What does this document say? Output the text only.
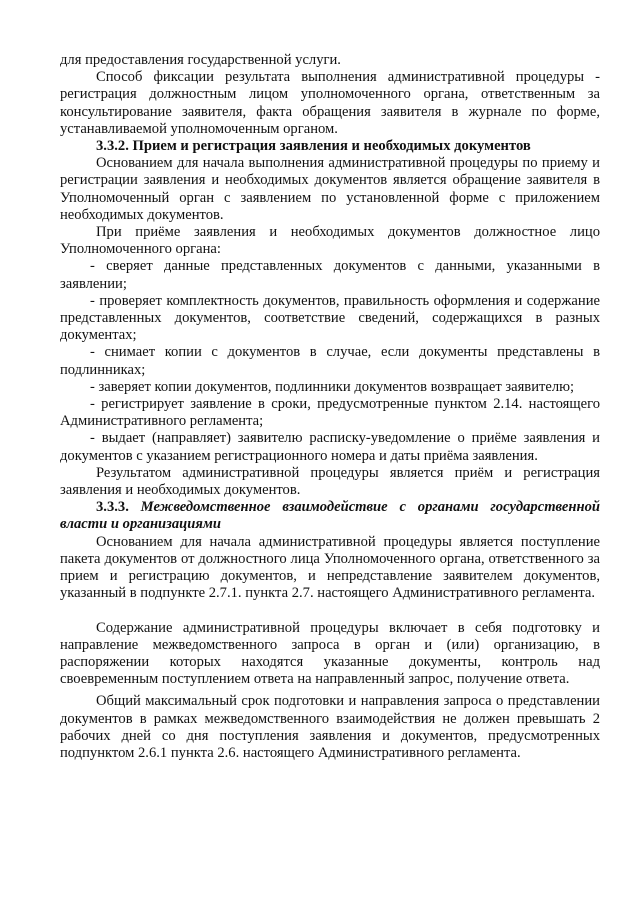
для предоставления государственной услуги.

Способ фиксации результата выполнения административной процедуры - регистрация должностным лицом уполномоченного органа, ответственным за консультирование заявителя, факта обращения заявителя в журнале по форме, устанавливаемой уполномоченным органом.

3.3.2. Прием и регистрация заявления и необходимых документов

Основанием для начала выполнения административной процедуры по приему и регистрации заявления и необходимых документов является обращение заявителя в Уполномоченный орган с заявлением по установленной форме с приложением необходимых документов.

При приёме заявления и необходимых документов должностное лицо Уполномоченного органа:

- сверяет данные представленных документов с данными, указанными в заявлении;

- проверяет комплектность документов, правильность оформления и содержание представленных документов, соответствие сведений, содержащихся в разных документах;

- снимает копии с документов в случае, если документы представлены в подлинниках;

- заверяет копии документов, подлинники документов возвращает заявителю;

- регистрирует заявление в сроки, предусмотренные пунктом 2.14. настоящего Административного регламента;

- выдает (направляет) заявителю расписку-уведомление о приёме заявления и документов с указанием регистрационного номера и даты приёма заявления.

Результатом административной процедуры является приём и регистрация заявления и необходимых документов.

3.3.3. Межведомственное взаимодействие с органами государственной власти и организациями

Основанием для начала административной процедуры является поступление пакета документов от должностного лица Уполномоченного органа, ответственного за прием и регистрацию документов, и непредставление заявителем документов, указанный в подпункте 2.7.1. пункта 2.7. настоящего Административного регламента.

Содержание административной процедуры включает в себя подготовку и направление межведомственного запроса в орган и (или) организацию, в распоряжении которых находятся указанные документы, контроль над своевременным поступлением ответа на направленный запрос, получение ответа.

Общий максимальный срок подготовки и направления запроса о представлении документов в рамках межведомственного взаимодействия не должен превышать 2 рабочих дней со дня поступления заявления и документов, предусмотренных подпунктом 2.6.1 пункта 2.6. настоящего Административного регламента.
